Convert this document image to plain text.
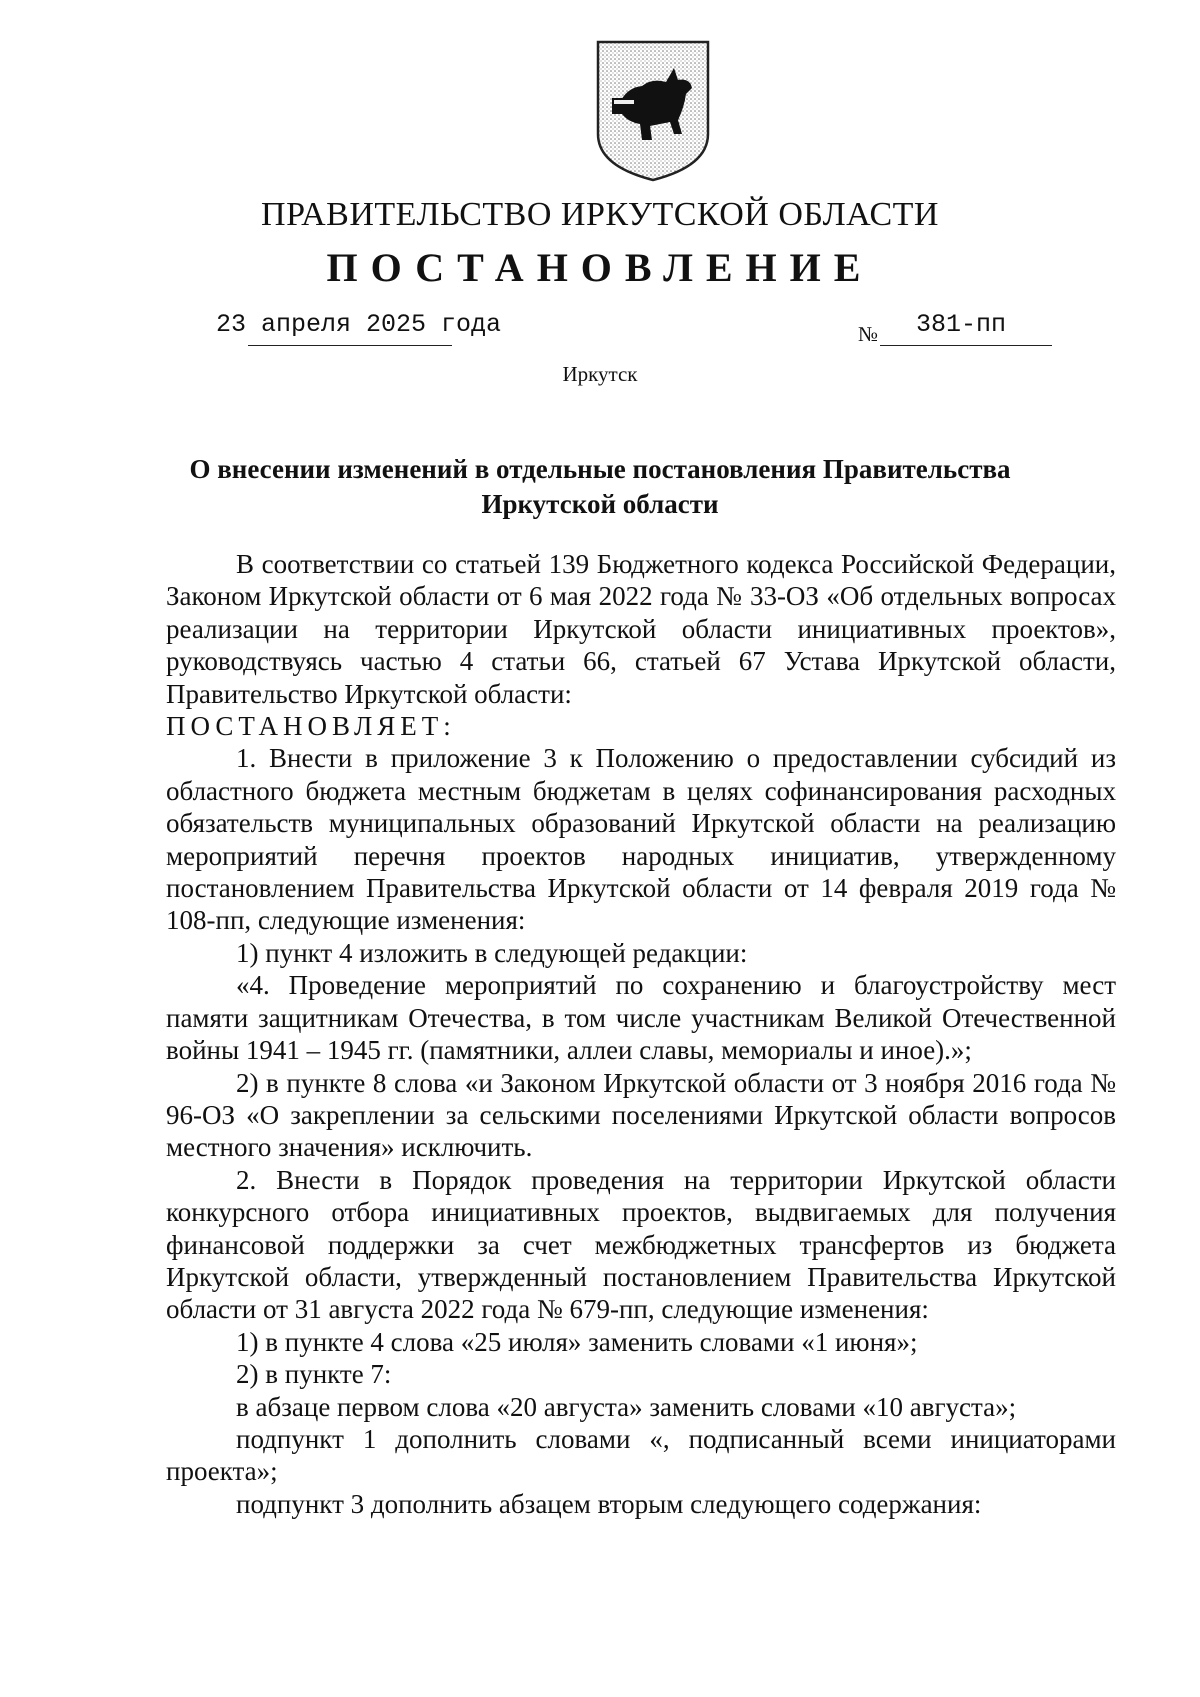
ПРАВИТЕЛЬСТВО ИРКУТСКОЙ ОБЛАСТИ
ПОСТАНОВЛЕНИЕ
23 апреля 2025 года	№ 381-пп
Иркутск
О внесении изменений в отдельные постановления Правительства
Иркутской области

В соответствии со статьей 139 Бюджетного кодекса Российской Федерации, Законом Иркутской области от 6 мая 2022 года № 33-ОЗ «Об отдельных вопросах реализации на территории Иркутской области инициативных проектов», руководствуясь частью 4 статьи 66, статьей 67 Устава Иркутской области, Правительство Иркутской области:

ПОСТАНОВЛЯЕТ:

1. Внести в приложение 3 к Положению о предоставлении субсидий из областного бюджета местным бюджетам в целях софинансирования расходных обязательств муниципальных образований Иркутской области на реализацию мероприятий перечня проектов народных инициатив, утвержденному постановлением Правительства Иркутской области от 14 февраля 2019 года № 108-пп, следующие изменения:

1) пункт 4 изложить в следующей редакции:

«4. Проведение мероприятий по сохранению и благоустройству мест памяти защитникам Отечества, в том числе участникам Великой Отечественной войны 1941 – 1945 гг. (памятники, аллеи славы, мемориалы и иное).»;

2) в пункте 8 слова «и Законом Иркутской области от 3 ноября 2016 года № 96-ОЗ «О закреплении за сельскими поселениями Иркутской области вопросов местного значения» исключить.

2. Внести в Порядок проведения на территории Иркутской области конкурсного отбора инициативных проектов, выдвигаемых для получения финансовой поддержки за счет межбюджетных трансфертов из бюджета Иркутской области, утвержденный постановлением Правительства Иркутской области от 31 августа 2022 года № 679-пп, следующие изменения:

1) в пункте 4 слова «25 июля» заменить словами «1 июня»;

2) в пункте 7:

в абзаце первом слова «20 августа» заменить словами «10 августа»;

подпункт 1 дополнить словами «, подписанный всеми инициаторами проекта»;

подпункт 3 дополнить абзацем вторым следующего содержания:
